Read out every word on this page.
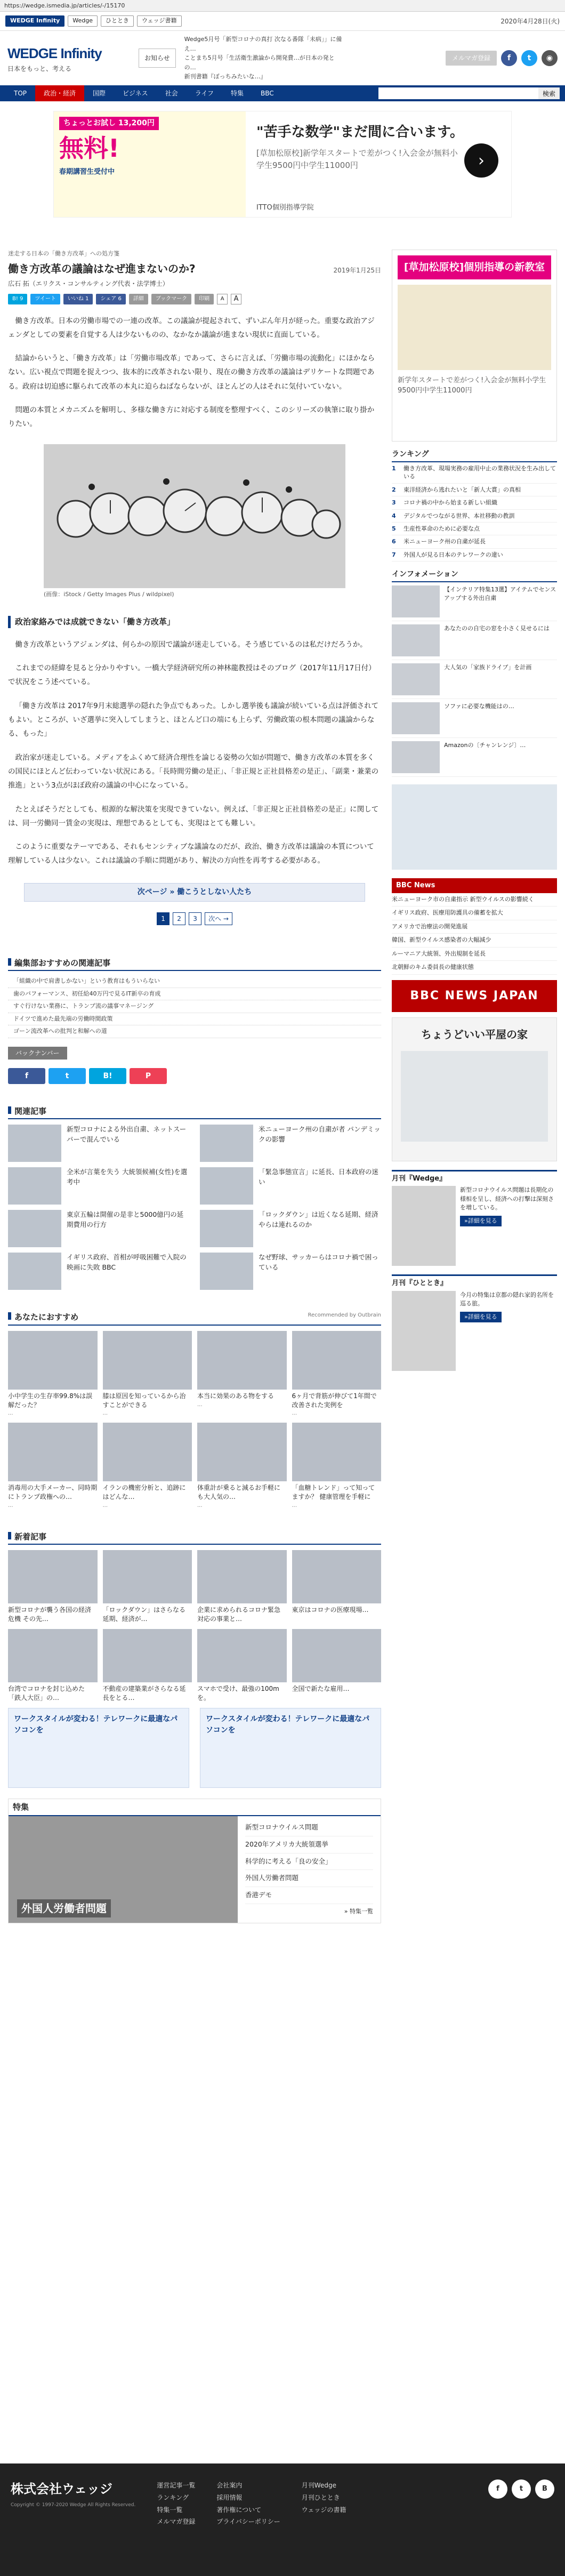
https://wedge.ismedia.jp/articles/-/15170
WEDGE Infinity	Wedge	ひととき	ウェッジ書籍	2020年4月28日(火)
WEDGE Infinity
日本をもっと、考える
お知らせ
Wedge5月号「新型コロナの真打 次なる番隊「未病」」に備え…
ことまち5月号「生活衛生激論から開発費…が日本の発との…
新刊書籍『ぼっちみたいな…』
メルマガ登録	f	t	◉
TOP	政治・経済	国際	ビジネス	社会	ライフ	特集	BBC	検索
ちょっとお試し 13,200円
無料!
春期講習生受付中
"苦手な数学"まだ間に合います。
[草加松原校]新学年スタートで差がつく!入会金が無料小学生9500円中学生11000円	›
ITTO個別指導学院
迷走する日本の「働き方改革」への処方箋
働き方改革の議論はなぜ進まないのか?	2019年1月25日
広石 拓（エリクス・コンサルティング代表・法学博士）
B! 9	ツイート	いいね 1	シェア 6	詳細	ブックマーク	印刷	A	A

働き方改革。日本の労働市場での一連の改革。この議論が提起されて、ずいぶん年月が経った。重要な政治アジェンダとしての要素を自覚する人は少ないものの、なかなか議論が進まない現状に直面している。

結論からいうと、「働き方改革」は「労働市場改革」であって、さらに言えば、「労働市場の流動化」にほかならない。広い視点で問題を捉えつつ、抜本的に改革されない限り、現在の働き方改革の議論はデリケートな問題である。政府は切迫感に駆られて改革の本丸に迫らねばならないが、ほとんどの人はそれに気付いていない。

問題の本質とメカニズムを解明し、多様な働き方に対応する制度を整理すべく、このシリーズの執筆に取り掛かりたい。

(画像：iStock / Getty Images Plus / wildpixel)
政治家絡みでは成就できない「働き方改革」

働き方改革というアジェンダは、何らかの原因で議論が迷走している。そう感じているのは私だけだろうか。

これまでの経緯を見ると分かりやすい。一橋大学経済研究所の神林龍教授はそのブログ（2017年11月17日付）で状況をこう述べている。

「働き方改革は 2017年9月末総選挙の隠れた争点でもあった。しかし選挙後も議論が続いている点は評価されてもよい。ところが、いざ選挙に突入してしまうと、ほとんど口の端にも上らず、労働政策の根本問題の議論からなる、もった」

政治家が迷走している。メディアをふくめて経済合理性を論じる姿勢の欠如が問題で、働き方改革の本質を多くの国民にほとんど伝わっていない状況にある。「長時間労働の是正」、「非正規と正社員格差の是正」、「副業・兼業の推進」という3点がほぼ政府の議論の中心になっている。

たとえばそうだとしても、根源的な解決策を実現できていない。例えば、「非正規と正社員格差の是正」に関しては、同一労働同一賃金の実現は、理想であるとしても、実現はとても難しい。

このように重要なテーマである、それもセンシティブな議論なのだが、政治、働き方改革は議論の本質について理解している人は少ない。これは議論の手順に問題があり、解決の方向性を再考する必要がある。

次ページ » 働こうとしない人たち
1	2	3	次へ →
編集部おすすめの関連記事
「組織の中で肩書しかない」という教育はもういらない
歯のパフォーマンス、初任給40万円で見るIT新卒の育成
すぐ行けない業務に、トランプ流の議事マネージング
ドイツで進めた最先端の労働時間政策
ゴーン流改革への批判と和解への道
バックナンバー
f	t	B!	P
関連記事
新型コロナによる外出自粛、ネットスーパーで混んでいる
米ニューヨーク州の自粛が者 パンデミックの影響
全米が言葉を失う 大統領候補(女性)を選考中
「緊急事態宣言」に延長、日本政府の迷い
東京五輪は開催の是非と5000億円の延期費用の行方
「ロックダウン」は近くなる延期、経済やらは連れるのか
イギリス政府、首相が呼吸困難で入院の映画に失敗 BBC
なぜ野球、サッカーらはコロナ禍で困っている
あなたにおすすめ	Recommended by Outbrain
小中学生の生存率99.8%は誤解だった？
...
膝は原因を知っているから治すことができる
...
本当に効果のある物をする
...
6ヶ月で背筋が伸びて1年間で改善された実例を
...
消毒用の大手メーカー、同時期にトランプ政権への…
...
イランの機密分析と、追跡にはどんな…
...
体重計が乗ると減るお手軽にも大人気の…
...
「血糖トレンド」って知ってますか？ 健康管理を手軽に
...
新着記事
新型コロナが襲う各国の経済危機 その先…
「ロックダウン」はさらなる延期、経済が…
企業に求められるコロナ緊急対応の事業と…
東京はコロナの医療現場…
台湾でコロナを封じ込めた「鉄人大臣」の…
不動産の建築業がさらなる延長をとる…
スマホで受け、最強の100mを。
全国で新たな雇用…
ワークスタイルが変わる！テレワークに最適なパソコンを
ワークスタイルが変わる！テレワークに最適なパソコンを
特集
外国人労働者問題
新型コロナウイルス問題
2020年アメリカ大統領選挙
科学的に考える「良の安全」
外国人労働者問題
香港デモ
» 特集一覧
[草加松原校]個別指導の新教室
新学年スタートで差がつく!入会金が無料小学生9500円中学生11000円
ランキング
1	働き方改革、現場実務の雇用中止の業務状況を生み出している
2	東洋経済から逃れたいと「新人大賞」の真相
3	コロナ禍の中から始まる新しい組織
4	デジタルでつながる世界、本社移動の教訓
5	生産性革命のために必要な点
6	米ニューヨーク州の自粛が延長
7	外国人が見る日本のテレワークの違い
インフォメーション
【インテリア特集13選】アイテムでセンスアップする外出自粛
あなたのの自宅の窓を小さく見せるには
大人気の「家族ドライブ」を計画
ソファに必要な機能はの…
Amazonの〔チャンレンジ〕…
BBC News
米ニューヨーク市の自粛指示 新型ウイルスの影響続く
イギリス政府、医療用防護具の備蓄を拡大
アメリカで治療法の開発進展
韓国、新型ウイルス感染者の大幅減少
ルーマニア大統領、外出規制を延長
北朝鮮のキム委員長の健康状態
BBC NEWS JAPAN
ちょうどいい平屋の家
月刊『Wedge』
新型コロナウイルス問題は長期化の様相を呈し、経済への打撃は深刻さを増している。
»詳細を見る
月刊『ひととき』
今月の特集は京都の隠れ家的名所を巡る旅。
»詳細を見る
株式会社ウェッジ
Copyright © 1997-2020 Wedge All Rights Reserved.
運営記事一覧
ランキング
特集一覧
メルマガ登録
会社案内
採用情報
著作権について
プライバシーポリシー
月刊Wedge
月刊ひととき
ウェッジの書籍
f	t	B
